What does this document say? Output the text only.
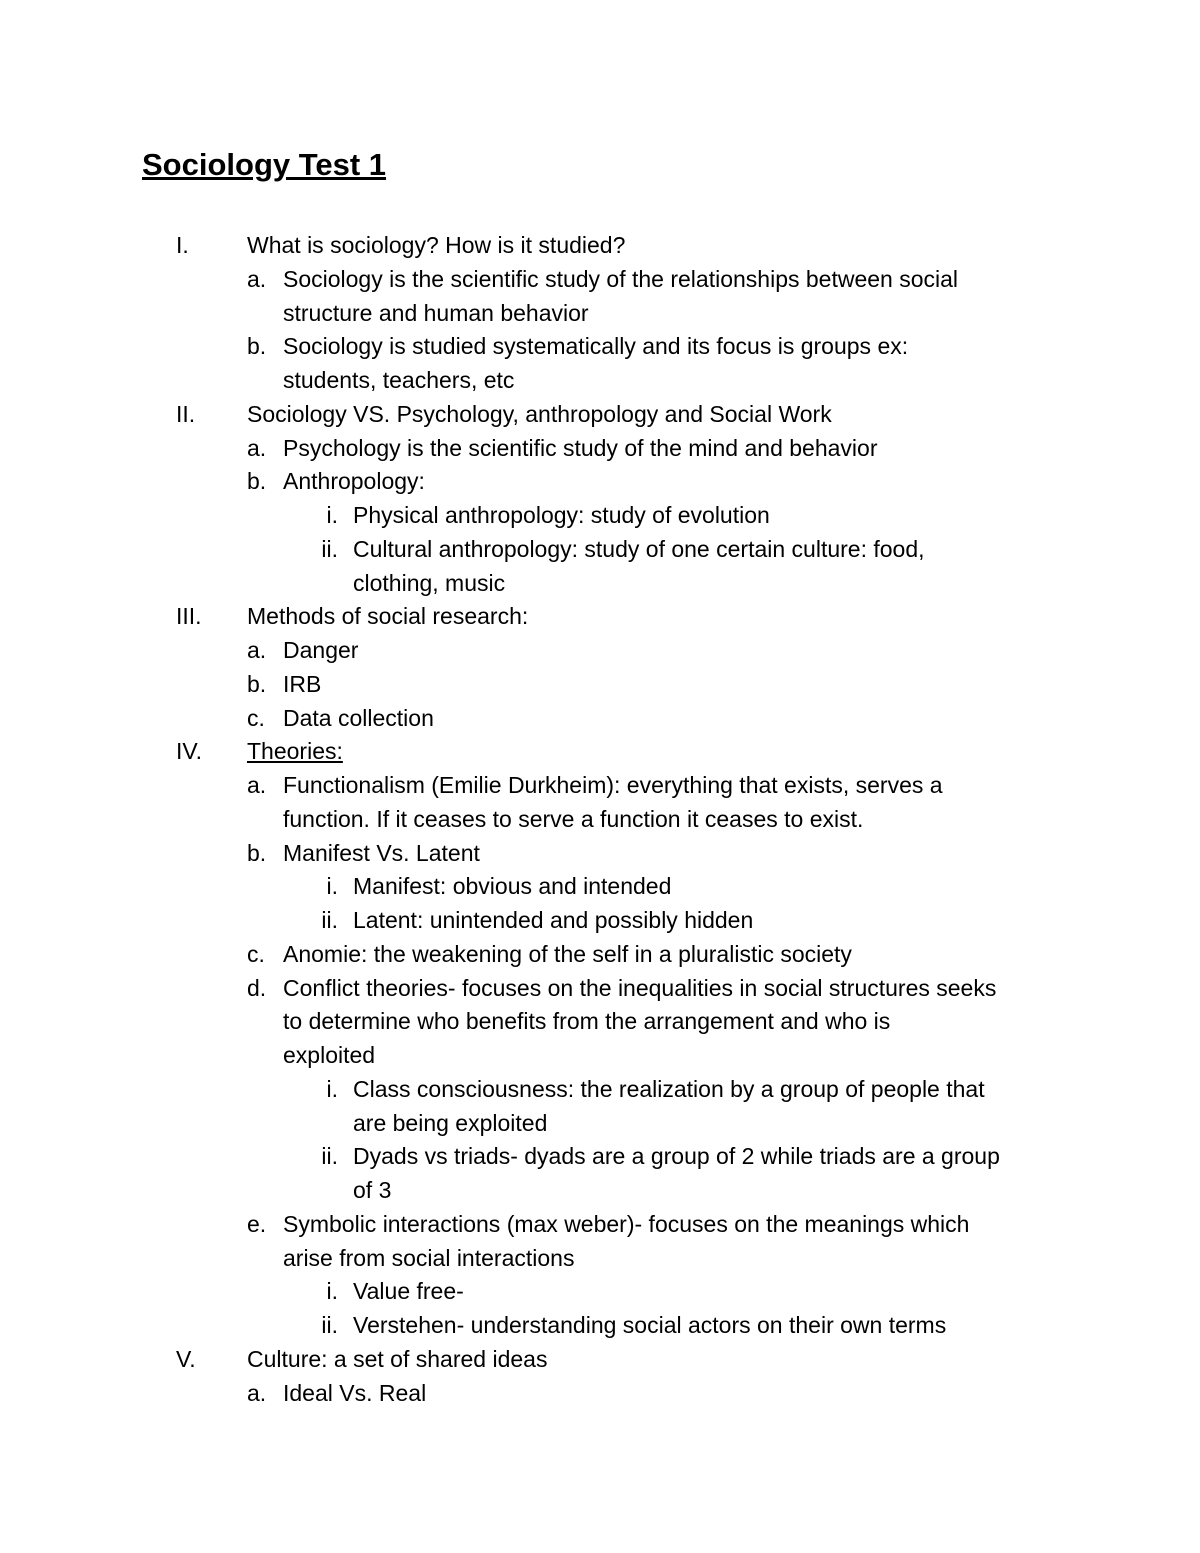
Sociology Test 1
I.	What is sociology? How is it studied?
a. Sociology is the scientific study of the relationships between social
structure and human behavior
b. Sociology is studied systematically and its focus is groups ex:
students, teachers, etc
II. Sociology VS. Psychology, anthropology and Social Work
a. Psychology is the scientific study of the mind and behavior
b. Anthropology:
i. Physical anthropology: study of evolution
ii. Cultural anthropology: study of one certain culture: food,
clothing, music
III. Methods of social research:
a. Danger
b. IRB
c. Data collection
IV. Theories:
a. Functionalism (Emilie Durkheim): everything that exists, serves a
function. If it ceases to serve a function it ceases to exist.
b. Manifest Vs. Latent
i. Manifest: obvious and intended
ii. Latent: unintended and possibly hidden
c. Anomie: the weakening of the self in a pluralistic society
d. Conflict theories- focuses on the inequalities in social structures seeks
to determine who benefits from the arrangement and who is
exploited
i. Class consciousness: the realization by a group of people that
are being exploited
ii. Dyads vs triads- dyads are a group of 2 while triads are a group
of 3
e. Symbolic interactions (max weber)- focuses on the meanings which
arise from social interactions
i. Value free-
ii. Verstehen- understanding social actors on their own terms
V. Culture: a set of shared ideas
a. Ideal Vs. Real
